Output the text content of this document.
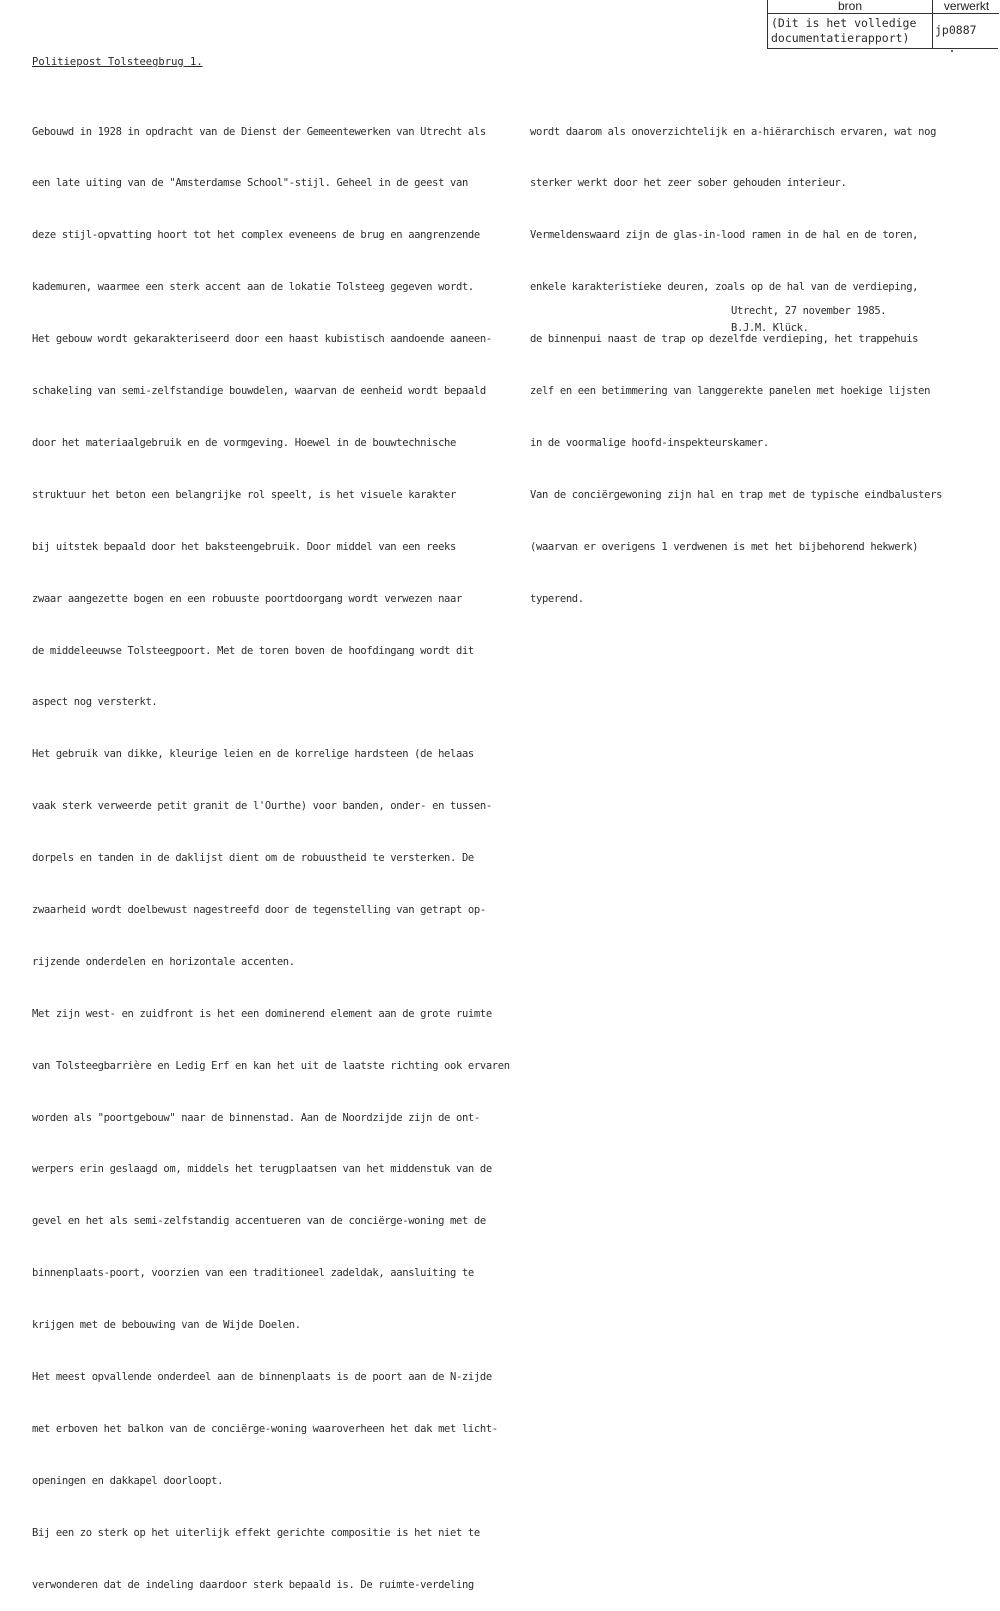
bron	verwerkt
(Dit is het volledige
documentatierapport)
jp0887
Politiepost Tolsteegbrug 1.

Gebouwd in 1928 in opdracht van de Dienst der Gemeentewerken van Utrecht als

een late uiting van de "Amsterdamse School"-stijl. Geheel in de geest van

deze stijl-opvatting hoort tot het complex eveneens de brug en aangrenzende

kademuren, waarmee een sterk accent aan de lokatie Tolsteeg gegeven wordt.

Het gebouw wordt gekarakteriseerd door een haast kubistisch aandoende aaneen-

schakeling van semi-zelfstandige bouwdelen, waarvan de eenheid wordt bepaald

door het materiaalgebruik en de vormgeving. Hoewel in de bouwtechnische

struktuur het beton een belangrijke rol speelt, is het visuele karakter

bij uitstek bepaald door het baksteengebruik. Door middel van een reeks

zwaar aangezette bogen en een robuuste poortdoorgang wordt verwezen naar

de middeleeuwse Tolsteegpoort. Met de toren boven de hoofdingang wordt dit

aspect nog versterkt.

Het gebruik van dikke, kleurige leien en de korrelige hardsteen (de helaas

vaak sterk verweerde petit granit de l'Ourthe) voor banden, onder- en tussen-

dorpels en tanden in de daklijst dient om de robuustheid te versterken. De

zwaarheid wordt doelbewust nagestreefd door de tegenstelling van getrapt op-

rijzende onderdelen en horizontale accenten.

Met zijn west- en zuidfront is het een dominerend element aan de grote ruimte

van Tolsteegbarrière en Ledig Erf en kan het uit de laatste richting ook ervaren

worden als "poortgebouw" naar de binnenstad. Aan de Noordzijde zijn de ont-

werpers erin geslaagd om, middels het terugplaatsen van het middenstuk van de

gevel en het als semi-zelfstandig accentueren van de conciërge-woning met de

binnenplaats-poort, voorzien van een traditioneel zadeldak, aansluiting te

krijgen met de bebouwing van de Wijde Doelen.

Het meest opvallende onderdeel aan de binnenplaats is de poort aan de N-zijde

met erboven het balkon van de conciërge-woning waaroverheen het dak met licht-

openingen en dakkapel doorloopt.

Bij een zo sterk op het uiterlijk effekt gerichte compositie is het niet te

verwonderen dat de indeling daardoor sterk bepaald is. De ruimte-verdeling

wordt daarom als onoverzichtelijk en a-hiërarchisch ervaren, wat nog

sterker werkt door het zeer sober gehouden interieur.

Vermeldenswaard zijn de glas-in-lood ramen in de hal en de toren,

enkele karakteristieke deuren, zoals op de hal van de verdieping,

de binnenpui naast de trap op dezelfde verdieping, het trappehuis

zelf en een betimmering van langgerekte panelen met hoekige lijsten

in de voormalige hoofd-inspekteurskamer.

Van de conciërgewoning zijn hal en trap met de typische eindbalusters

(waarvan er overigens 1 verdwenen is met het bijbehorend hekwerk)

typerend.

Utrecht, 27 november 1985.
B.J.M. Klück.
